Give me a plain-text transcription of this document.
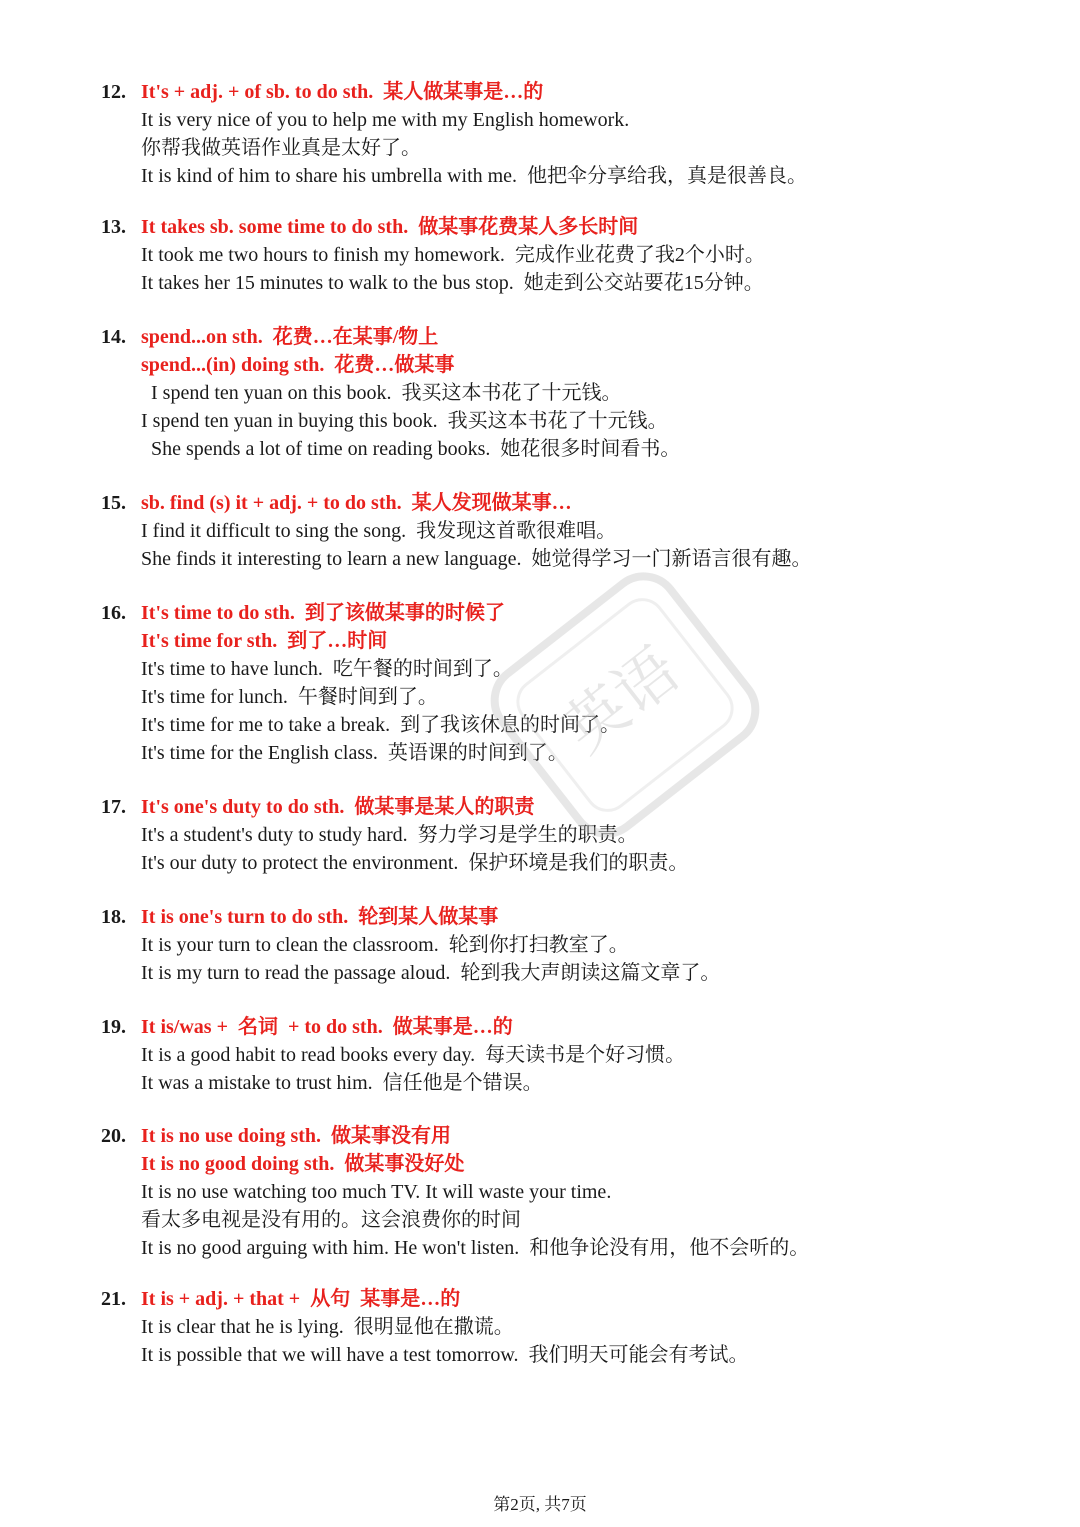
12. It's + adj. + of sb. to do sth.  某人做某事是…的
It is very nice of you to help me with my English homework.
你帮我做英语作业真是太好了。
It is kind of him to share his umbrella with me.  他把伞分享给我，真是很善良。
13. It takes sb. some time to do sth.  做某事花费某人多长时间
It took me two hours to finish my homework.  完成作业花费了我2个小时。
It takes her 15 minutes to walk to the bus stop.  她走到公交站要花15分钟。
14. spend...on sth.  花费…在某事/物上
spend...(in) doing sth.  花费…做某事
I spend ten yuan on this book.  我买这本书花了十元钱。
I spend ten yuan in buying this book.  我买这本书花了十元钱。
She spends a lot of time on reading books.  她花很多时间看书。
15. sb. find (s) it + adj. + to do sth.  某人发现做某事…
I find it difficult to sing the song.  我发现这首歌很难唱。
She finds it interesting to learn a new language.  她觉得学习一门新语言很有趣。
16. It's time to do sth.  到了该做某事的时候了
It's time for sth.  到了…时间
It's time to have lunch.  吃午餐的时间到了。
It's time for lunch.  午餐时间到了。
It's time for me to take a break.  到了我该休息的时间了。
It's time for the English class.  英语课的时间到了。
17. It's one's duty to do sth.  做某事是某人的职责
It's a student's duty to study hard.  努力学习是学生的职责。
It's our duty to protect the environment.  保护环境是我们的职责。
18. It is one's turn to do sth.  轮到某人做某事
It is your turn to clean the classroom.  轮到你打扫教室了。
It is my turn to read the passage aloud.  轮到我大声朗读这篇文章了。
19. It is/was +  名词  + to do sth.  做某事是…的
It is a good habit to read books every day.  每天读书是个好习惯。
It was a mistake to trust him.  信任他是个错误。
20. It is no use doing sth.  做某事没有用
It is no good doing sth.  做某事没好处
It is no use watching too much TV. It will waste your time.
看太多电视是没有用的。这会浪费你的时间
It is no good arguing with him. He won't listen.  和他争论没有用，他不会听的。
21. It is + adj. + that +  从句  某事是…的
It is clear that he is lying.  很明显他在撒谎。
It is possible that we will have a test tomorrow.  我们明天可能会有考试。
英语
第2页, 共7页
